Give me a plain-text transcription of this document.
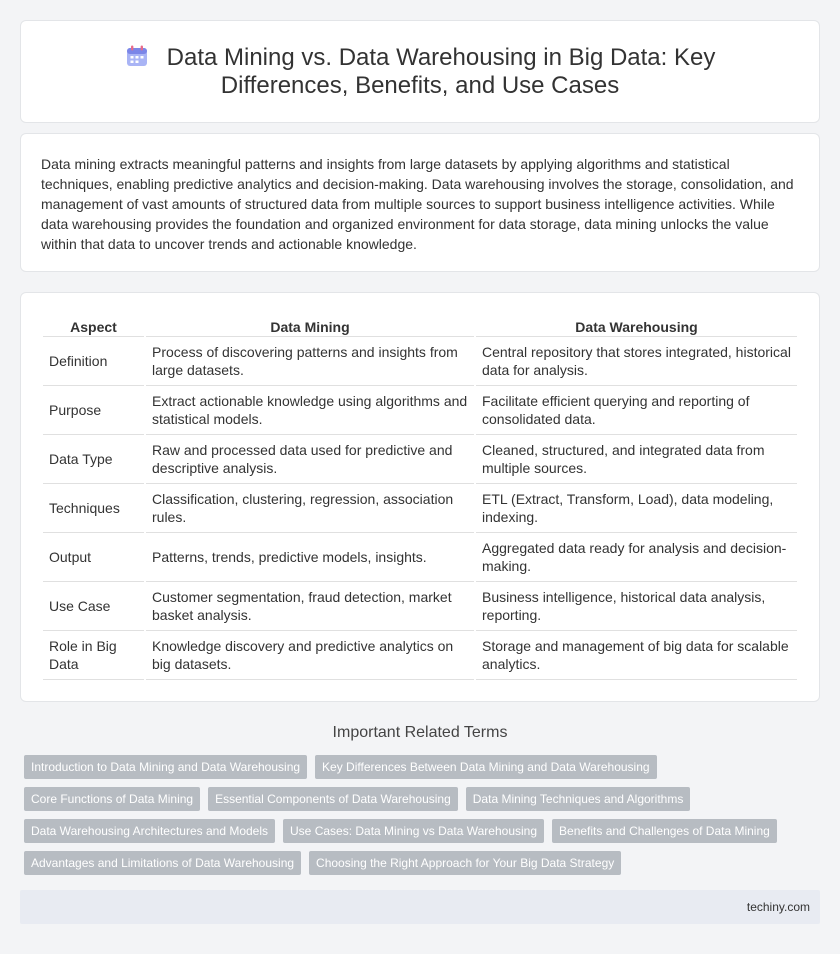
Data Mining vs. Data Warehousing in Big Data: Key Differences, Benefits, and Use Cases

Data mining extracts meaningful patterns and insights from large datasets by applying algorithms and statistical techniques, enabling predictive analytics and decision-making. Data warehousing involves the storage, consolidation, and management of vast amounts of structured data from multiple sources to support business intelligence activities. While data warehousing provides the foundation and organized environment for data storage, data mining unlocks the value within that data to uncover trends and actionable knowledge.

Aspect	Data Mining	Data Warehousing
Definition	Process of discovering patterns and insights from large datasets.	Central repository that stores integrated, historical data for analysis.
Purpose	Extract actionable knowledge using algorithms and statistical models.	Facilitate efficient querying and reporting of consolidated data.
Data Type	Raw and processed data used for predictive and descriptive analysis.	Cleaned, structured, and integrated data from multiple sources.
Techniques	Classification, clustering, regression, association rules.	ETL (Extract, Transform, Load), data modeling, indexing.
Output	Patterns, trends, predictive models, insights.	Aggregated data ready for analysis and decision-making.
Use Case	Customer segmentation, fraud detection, market basket analysis.	Business intelligence, historical data analysis, reporting.
Role in Big Data	Knowledge discovery and predictive analytics on big datasets.	Storage and management of big data for scalable analytics.
Important Related Terms
Introduction to Data Mining and Data Warehousing	Key Differences Between Data Mining and Data Warehousing
Core Functions of Data Mining	Essential Components of Data Warehousing	Data Mining Techniques and Algorithms
Data Warehousing Architectures and Models	Use Cases: Data Mining vs Data Warehousing	Benefits and Challenges of Data Mining
Advantages and Limitations of Data Warehousing	Choosing the Right Approach for Your Big Data Strategy
techiny.com
